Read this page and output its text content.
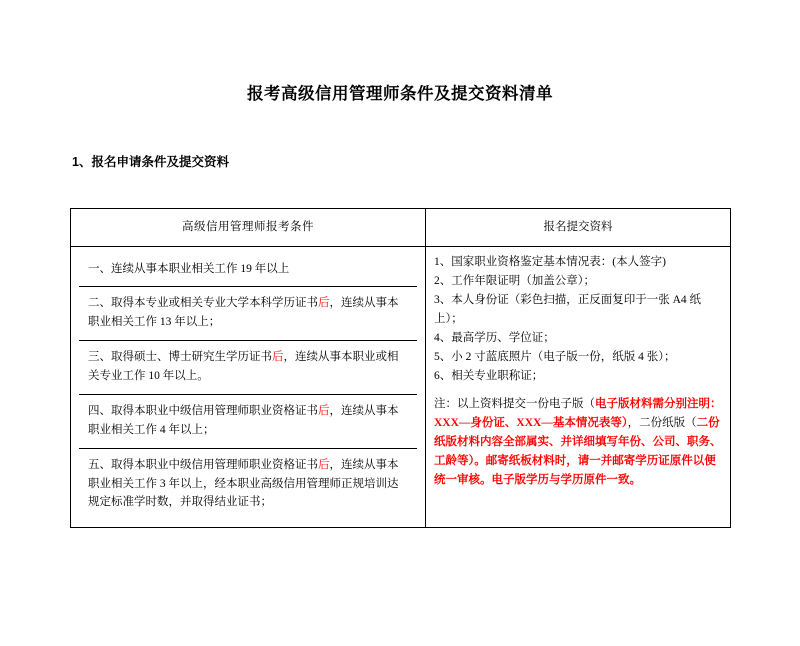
报考高级信用管理师条件及提交资料清单
1、报名申请条件及提交资料
高级信用管理师报考条件	报名提交资料

一、连续从事本职业相关工作 19 年以上
二、取得本专业或相关专业大学本科学历证书后，连续从事本职业相关工作 13 年以上；
三、取得硕士、博士研究生学历证书后，连续从事本职业或相关专业工作 10 年以上。
四、取得本职业中级信用管理师职业资格证书后，连续从事本职业相关工作 4 年以上；
五、取得本职业中级信用管理师职业资格证书后，连续从事本职业相关工作 3 年以上，经本职业高级信用管理师正规培训达规定标准学时数，并取得结业证书；

1、国家职业资格鉴定基本情况表：(本人签字)
2、工作年限证明（加盖公章）；
3、本人身份证（彩色扫描，正反面复印于一张 A4 纸上）；
4、最高学历、学位证；
5、小 2 寸蓝底照片（电子版一份，纸版 4 张）；
6、相关专业职称证；
注：以上资料提交一份电子版（电子版材料需分别注明：XXX—身份证、XXX—基本情况表等），二份纸版（二份纸版材料内容全部属实、并详细填写年份、公司、职务、工龄等）。邮寄纸板材料时，请一并邮寄学历证原件以便统一审核。电子版学历与学历原件一致。
